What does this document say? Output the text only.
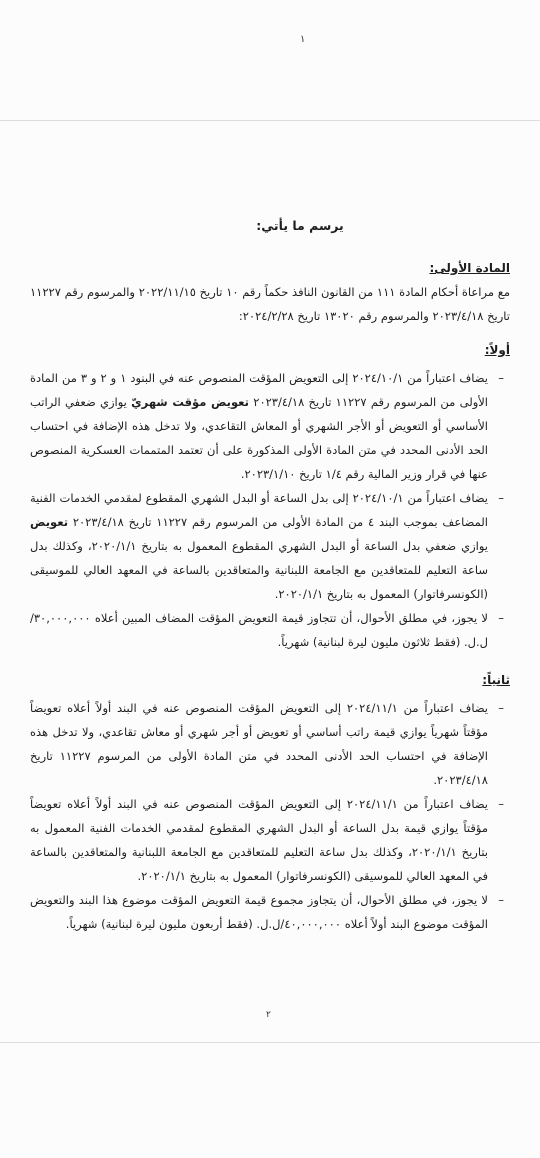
١

يرسم ما يأتي:

المادة الأولى:

مع مراعاة أحكام المادة ١١١ من القانون النافذ حكماً رقم ١٠ تاريخ ٢٠٢٢/١١/١٥ والمرسوم رقم ١١٢٢٧ تاريخ ٢٠٢٣/٤/١٨ والمرسوم رقم ١٣٠٢٠ تاريخ ٢٠٢٤/٢/٢٨:

أولاً:

–
يضاف اعتباراً من ٢٠٢٤/١٠/١ إلى التعويض المؤقت المنصوص عنه في البنود ١ و ٢ و ٣ من المادة الأولى من المرسوم رقم ١١٢٢٧ تاريخ ٢٠٢٣/٤/١٨ تعويض مؤقت شهريّ يوازي ضعفي الراتب الأساسي أو التعويض أو الأجر الشهري أو المعاش التقاعدي، ولا تدخل هذه الإضافة في احتساب الحد الأدنى المحدد في متن المادة الأولى المذكورة على أن تعتمد المتممات العسكرية المنصوص عنها في قرار وزير المالية رقم ١/٤ تاريخ ٢٠٢٣/١/١٠.
–
يضاف اعتباراً من ٢٠٢٤/١٠/١ إلى بدل الساعة أو البدل الشهري المقطوع لمقدمي الخدمات الفنية المضاعف بموجب البند ٤ من المادة الأولى من المرسوم رقم ١١٢٢٧ تاريخ ٢٠٢٣/٤/١٨ تعويض يوازي ضعفي بدل الساعة أو البدل الشهري المقطوع المعمول به بتاريخ ٢٠٢٠/١/١، وكذلك بدل ساعة التعليم للمتعاقدين مع الجامعة اللبنانية والمتعاقدين بالساعة في المعهد العالي للموسيقى (الكونسرفاتوار) المعمول به بتاريخ ٢٠٢٠/١/١.
–
لا يجوز، في مطلق الأحوال، أن تتجاوز قيمة التعويض المؤقت المضاف المبين أعلاه ٣٠,٠٠٠,٠٠٠/ل.ل. (فقط ثلاثون مليون ليرة لبنانية) شهرياً.

ثانياً:

–
يضاف اعتباراً من ٢٠٢٤/١١/١ إلى التعويض المؤقت المنصوص عنه في البند أولاً أعلاه تعويضاً مؤقتاً شهرياً يوازي قيمة راتب أساسي أو تعويض أو أجر شهري أو معاش تقاعدي، ولا تدخل هذه الإضافة في احتساب الحد الأدنى المحدد في متن المادة الأولى من المرسوم ١١٢٢٧ تاريخ ٢٠٢٣/٤/١٨.
–
يضاف اعتباراً من ٢٠٢٤/١١/١ إلى التعويض المؤقت المنصوص عنه في البند أولاً أعلاه تعويضاً مؤقتاً يوازي قيمة بدل الساعة أو البدل الشهري المقطوع لمقدمي الخدمات الفنية المعمول به بتاريخ ٢٠٢٠/١/١، وكذلك بدل ساعة التعليم للمتعاقدين مع الجامعة اللبنانية والمتعاقدين بالساعة في المعهد العالي للموسيقى (الكونسرفاتوار) المعمول به بتاريخ ٢٠٢٠/١/١.
–
لا يجوز، في مطلق الأحوال، أن يتجاوز مجموع قيمة التعويض المؤقت موضوع هذا البند والتعويض المؤقت موضوع البند أولاً أعلاه ٤٠,٠٠٠,٠٠٠/ل.ل. (فقط أربعون مليون ليرة لبنانية) شهرياً.
٢
